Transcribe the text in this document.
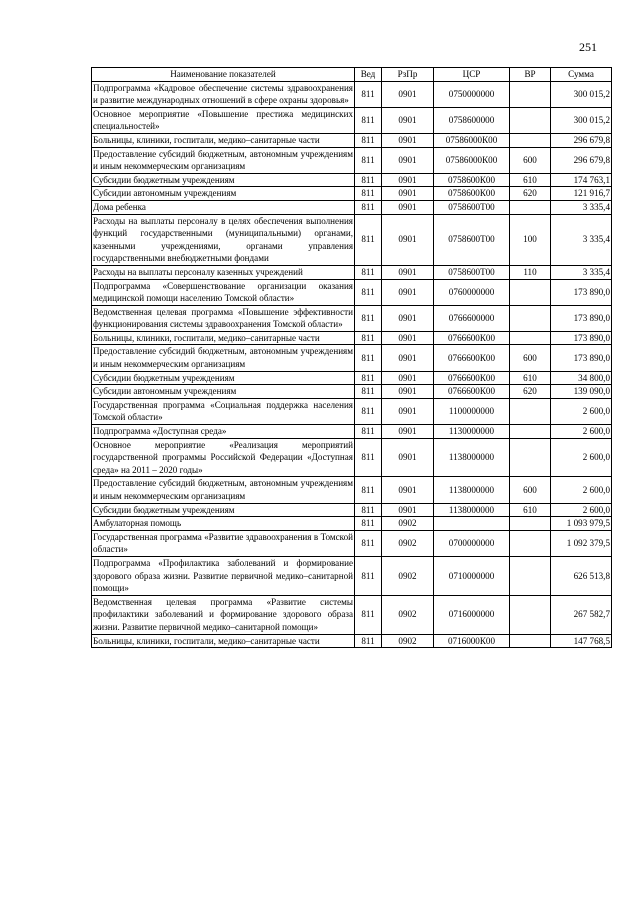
251
Наименование показателей	Вед	РзПр	ЦСР	ВР	Сумма
Подпрограмма «Кадровое обеспечение системы здравоохранения и развитие международных отношений в сфере охраны здоровья»	811	0901	0750000000		300 015,2
Основное мероприятие «Повышение престижа медицинских специальностей»	811	0901	0758600000		300 015,2
Больницы, клиники, госпитали, медико–санитарные части	811	0901	07586000К00		296 679,8
Предоставление субсидий бюджетным, автономным учреждениям и иным некоммерческим организациям	811	0901	07586000К00	600	296 679,8
Субсидии бюджетным учреждениям	811	0901	0758600К00	610	174 763,1
Субсидии автономным учреждениям	811	0901	0758600К00	620	121 916,7
Дома ребенка	811	0901	0758600Т00		3 335,4
Расходы на выплаты персоналу в целях обеспечения выполнения функций государственными (муниципальными) органами, казенными учреждениями, органами управления государственными внебюджетными фондами	811	0901	0758600Т00	100	3 335,4
Расходы на выплаты персоналу казенных учреждений	811	0901	0758600Т00	110	3 335,4
Подпрограмма «Совершенствование организации оказания медицинской помощи населению Томской области»	811	0901	0760000000		173 890,0
Ведомственная целевая программа «Повышение эффективности функционирования системы здравоохранения Томской области»	811	0901	0766600000		173 890,0
Больницы, клиники, госпитали, медико–санитарные части	811	0901	0766600К00		173 890,0
Предоставление субсидий бюджетным, автономным учреждениям и иным некоммерческим организациям	811	0901	0766600К00	600	173 890,0
Субсидии бюджетным учреждениям	811	0901	0766600К00	610	34 800,0
Субсидии автономным учреждениям	811	0901	0766600К00	620	139 090,0
Государственная программа «Социальная поддержка населения Томской области»	811	0901	1100000000		2 600,0
Подпрограмма «Доступная среда»	811	0901	1130000000		2 600,0
Основное мероприятие «Реализация мероприятий государственной программы Российской Федерации «Доступная среда» на 2011 – 2020 годы»	811	0901	1138000000		2 600,0
Предоставление субсидий бюджетным, автономным учреждениям и иным некоммерческим организациям	811	0901	1138000000	600	2 600,0
Субсидии бюджетным учреждениям	811	0901	1138000000	610	2 600,0
Амбулаторная помощь	811	0902			1 093 979,5
Государственная программа «Развитие здравоохранения в Томской области»	811	0902	0700000000		1 092 379,5
Подпрограмма «Профилактика заболеваний и формирование здорового образа жизни. Развитие первичной медико–санитарной помощи»	811	0902	0710000000		626 513,8
Ведомственная целевая программа «Развитие системы профилактики заболеваний и формирование здорового образа жизни. Развитие первичной медико–санитарной помощи»	811	0902	0716000000		267 582,7
Больницы, клиники, госпитали, медико–санитарные части	811	0902	0716000К00		147 768,5
